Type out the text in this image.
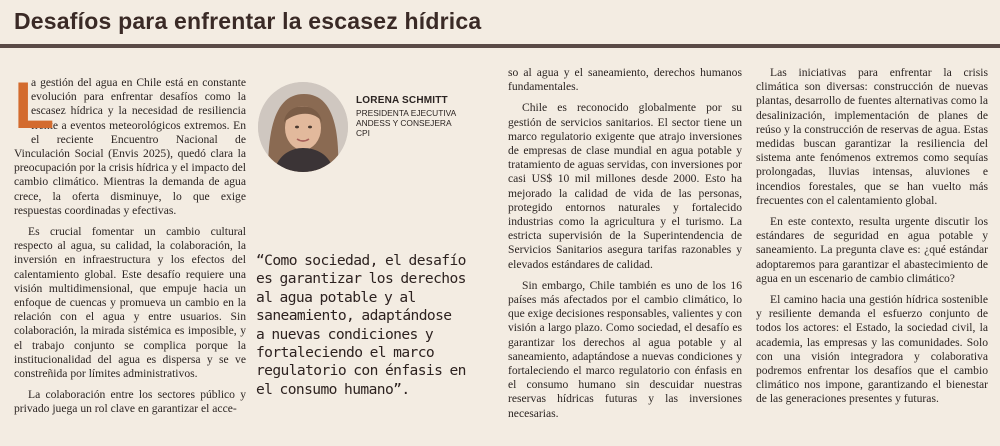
Desafíos para enfrentar la escasez hídrica
L

a gestión del agua en Chile está en constante evolución para enfrentar desafíos como la escasez hídrica y la necesidad de resiliencia frente a eventos meteorológicos extremos. En el reciente Encuentro Nacional de Vinculación Social (Envis 2025), quedó clara la preocupación por la crisis hídrica y el impacto del cambio climático. Mientras la demanda de agua crece, la oferta disminuye, lo que exige respuestas coordinadas y efectivas.

Es crucial fomentar un cambio cultural respecto al agua, su calidad, la colaboración, la inversión en infraestructura y los efectos del calentamiento global. Este desafío requiere una visión multidimensional, que empuje hacia un enfoque de cuencas y promueva un cambio en la relación con el agua y entre usuarios. Sin colaboración, la mirada sistémica es imposible, y el trabajo conjunto se complica porque la institucionalidad del agua es dispersa y se ve constreñida por límites administrativos.

La colaboración entre los sectores público y privado juega un rol clave en garantizar el acce-

LORENA SCHMITT
PRESIDENTA EJECUTIVA
ANDESS Y CONSEJERA
CPI
“Como sociedad, el desafío es garantizar los derechos al agua potable y al saneamiento, adaptándose a nuevas condiciones y fortaleciendo el marco regulatorio con énfasis en el consumo humano”.

so al agua y el saneamiento, derechos humanos fundamentales.

Chile es reconocido globalmente por su gestión de servicios sanitarios. El sector tiene un marco regulatorio exigente que atrajo inversiones de empresas de clase mundial en agua potable y tratamiento de aguas servidas, con inversiones por casi US$ 10 mil millones desde 2000. Esto ha mejorado la calidad de vida de las personas, protegido entornos naturales y fortalecido industrias como la agricultura y el turismo. La estricta supervisión de la Superintendencia de Servicios Sanitarios asegura tarifas razonables y elevados estándares de calidad.

Sin embargo, Chile también es uno de los 16 países más afectados por el cambio climático, lo que exige decisiones responsables, valientes y con visión a largo plazo. Como sociedad, el desafío es garantizar los derechos al agua potable y al saneamiento, adaptándose a nuevas condiciones y fortaleciendo el marco regulatorio con énfasis en el consumo humano sin descuidar nuestras reservas hídricas futuras y las inversiones necesarias.

Las iniciativas para enfrentar la crisis climática son diversas: construcción de nuevas plantas, desarrollo de fuentes alternativas como la desalinización, implementación de planes de reúso y la construcción de reservas de agua. Estas medidas buscan garantizar la resiliencia del sistema ante fenómenos extremos como sequías prolongadas, lluvias intensas, aluviones e incendios forestales, que se han vuelto más frecuentes con el calentamiento global.

En este contexto, resulta urgente discutir los estándares de seguridad en agua potable y saneamiento. La pregunta clave es: ¿qué estándar adoptaremos para garantizar el abastecimiento de agua en un escenario de cambio climático?

El camino hacia una gestión hídrica sostenible y resiliente demanda el esfuerzo conjunto de todos los actores: el Estado, la sociedad civil, la academia, las empresas y las comunidades. Solo con una visión integradora y colaborativa podremos enfrentar los desafíos que el cambio climático nos impone, garantizando el bienestar de las generaciones presentes y futuras.
